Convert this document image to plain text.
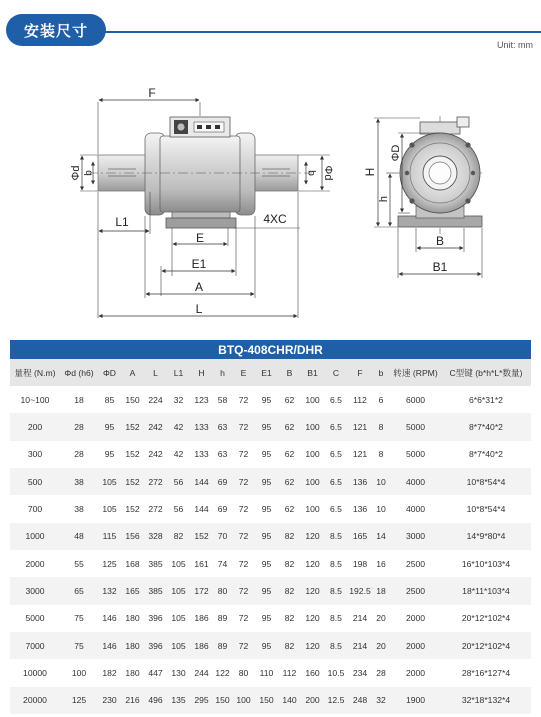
安装尺寸
Unit: mm
F
Φd b	b Φd
L1	4XC
E
E1
A
L
ΦD
H
h
B
B1
BTQ-408CHR/DHR
量程 (N.m)	Φd (h6)	ΦD	A	L	L1	H	h	E	E1	B	B1	C	F	b	转速 (RPM)	C型键 (b*h*L*数量)
10~100	18	85	150	224	32	123	58	72	95	62	100	6.5	112	6	6000	6*6*31*2
200	28	95	152	242	42	133	63	72	95	62	100	6.5	121	8	5000	8*7*40*2
300	28	95	152	242	42	133	63	72	95	62	100	6.5	121	8	5000	8*7*40*2
500	38	105	152	272	56	144	69	72	95	62	100	6.5	136	10	4000	10*8*54*4
700	38	105	152	272	56	144	69	72	95	62	100	6.5	136	10	4000	10*8*54*4
1000	48	115	156	328	82	152	70	72	95	82	120	8.5	165	14	3000	14*9*80*4
2000	55	125	168	385	105	161	74	72	95	82	120	8.5	198	16	2500	16*10*103*4
3000	65	132	165	385	105	172	80	72	95	82	120	8.5	192.5	18	2500	18*11*103*4
5000	75	146	180	396	105	186	89	72	95	82	120	8.5	214	20	2000	20*12*102*4
7000	75	146	180	396	105	186	89	72	95	82	120	8.5	214	20	2000	20*12*102*4
10000	100	182	180	447	130	244	122	80	110	112	160	10.5	234	28	2000	28*16*127*4
20000	125	230	216	496	135	295	150	100	150	140	200	12.5	248	32	1900	32*18*132*4
